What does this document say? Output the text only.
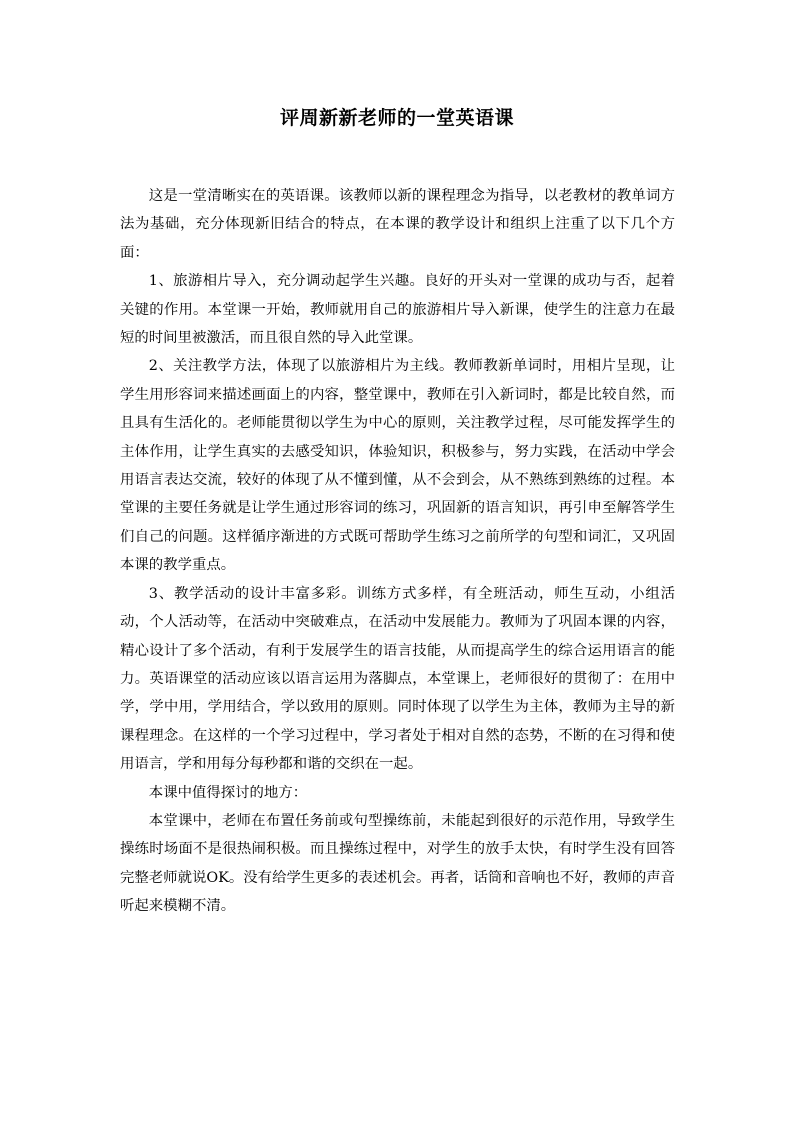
评周新新老师的一堂英语课

这是一堂清晰实在的英语课。该教师以新的课程理念为指导，以老教材的教单词方法为基础，充分体现新旧结合的特点，在本课的教学设计和组织上注重了以下几个方面：

1、旅游相片导入，充分调动起学生兴趣。良好的开头对一堂课的成功与否，起着关键的作用。本堂课一开始，教师就用自己的旅游相片导入新课，使学生的注意力在最短的时间里被激活，而且很自然的导入此堂课。

2、关注教学方法，体现了以旅游相片为主线。教师教新单词时，用相片呈现，让学生用形容词来描述画面上的内容，整堂课中，教师在引入新词时，都是比较自然，而且具有生活化的。老师能贯彻以学生为中心的原则，关注教学过程，尽可能发挥学生的主体作用，让学生真实的去感受知识，体验知识，积极参与，努力实践，在活动中学会用语言表达交流，较好的体现了从不懂到懂，从不会到会，从不熟练到熟练的过程。本堂课的主要任务就是让学生通过形容词的练习，巩固新的语言知识，再引申至解答学生们自己的问题。这样循序渐进的方式既可帮助学生练习之前所学的句型和词汇，又巩固本课的教学重点。

3、教学活动的设计丰富多彩。训练方式多样，有全班活动，师生互动，小组活动，个人活动等，在活动中突破难点，在活动中发展能力。教师为了巩固本课的内容，精心设计了多个活动，有利于发展学生的语言技能，从而提高学生的综合运用语言的能力。英语课堂的活动应该以语言运用为落脚点，本堂课上，老师很好的贯彻了：在用中学，学中用，学用结合，学以致用的原则。同时体现了以学生为主体，教师为主导的新课程理念。在这样的一个学习过程中，学习者处于相对自然的态势，不断的在习得和使用语言，学和用每分每秒都和谐的交织在一起。

本课中值得探讨的地方：

本堂课中，老师在布置任务前或句型操练前，未能起到很好的示范作用，导致学生操练时场面不是很热闹积极。而且操练过程中，对学生的放手太快，有时学生没有回答完整老师就说OK。没有给学生更多的表述机会。再者，话筒和音响也不好，教师的声音听起来模糊不清。
